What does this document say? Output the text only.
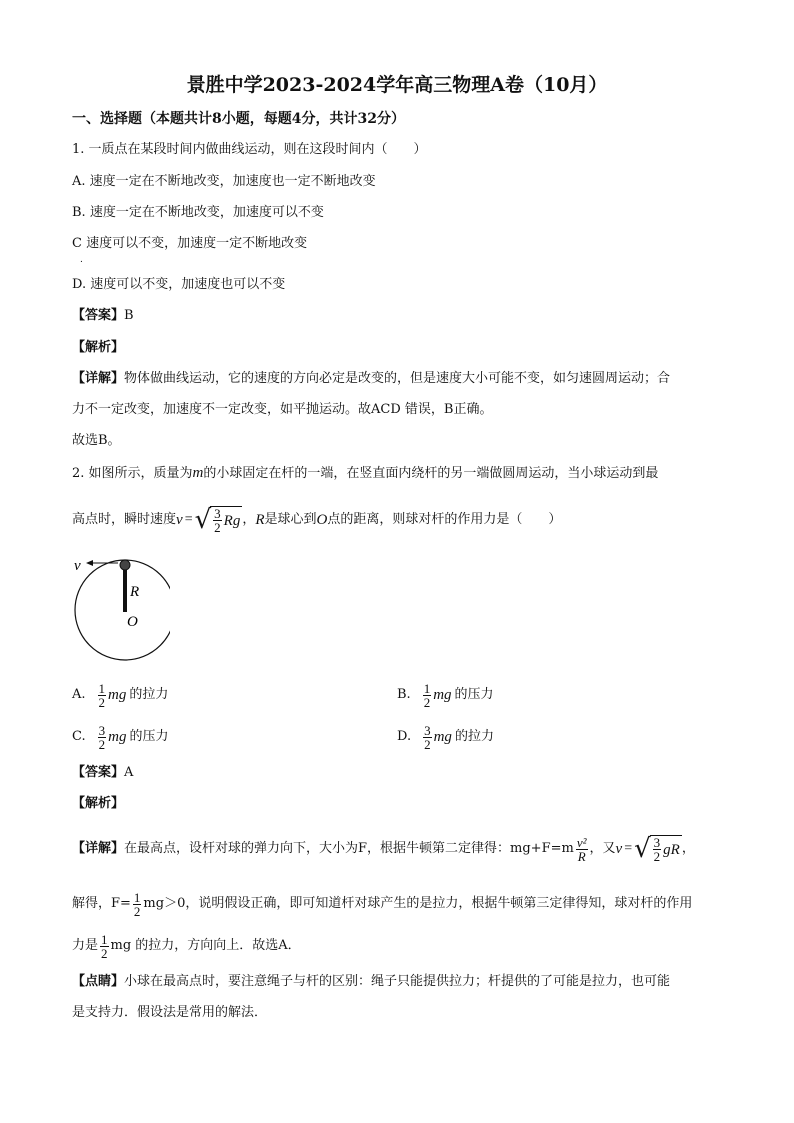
景胜中学2023-2024学年高三物理A卷（10月）
一、选择题（本题共计8小题，每题4分，共计32分）
1. 一质点在某段时间内做曲线运动，则在这段时间内（　　）
A. 速度一定在不断地改变，加速度也一定不断地改变
B. 速度一定在不断地改变，加速度可以不变
C 速度可以不变，加速度一定不断地改变
.
D. 速度可以不变，加速度也可以不变
【答案】B
【解析】
【详解】物体做曲线运动，它的速度的方向必定是改变的，但是速度大小可能不变，如匀速圆周运动；合
力不一定改变，加速度不一定改变，如平抛运动。故ACD 错误，B正确。
故选B。
2. 如图所示，质量为m的小球固定在杆的一端，在竖直面内绕杆的另一端做圆周运动，当小球运动到最
高点时，瞬时速度 v = √ $\frac{3}{2}$ Rg ， R 是球心到 O 点的距离，则球对杆的作用力是（　　）
v
R
O
A. $\frac{1}{2}$ mg 的拉力	B. $\frac{1}{2}$ mg 的压力
C. $\frac{3}{2}$ mg 的压力	D. $\frac{3}{2}$ mg 的拉力
【答案】A
【解析】
【详解】 在最高点，设杆对球的弹力向下，大小为F，根据牛顿第二定律得：$mg+F=m \frac{\text{v²}}{R}$ ，又 v = √ $\frac{3}{2}$ gR ，
解得，$F= \frac{1}{2} mg>0$，说明假设正确，即可知道杆对球产生的是拉力，根据牛顿第三定律得知，球对杆的作用
力是 $\frac{1}{2}$ mg 的拉力，方向向上．故选A．
【点睛】小球在最高点时，要注意绳子与杆的区别：绳子只能提供拉力；杆提供的了可能是拉力，也可能
是支持力．假设法是常用的解法．
